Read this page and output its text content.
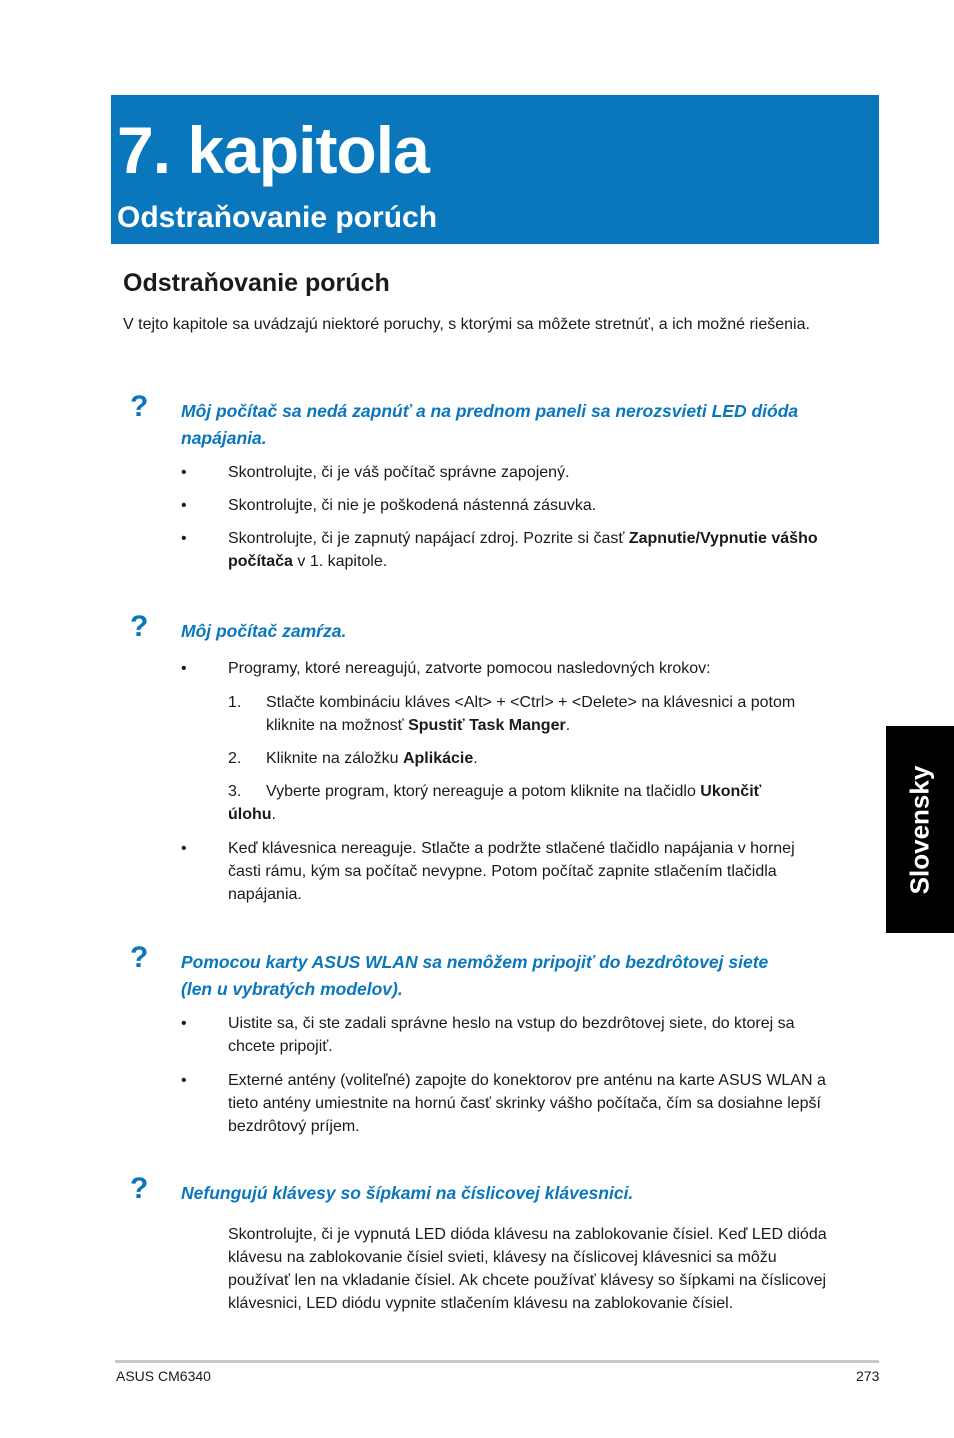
7. kapitola
Odstraňovanie porúch
Odstraňovanie porúch

V tejto kapitole sa uvádzajú niektoré poruchy, s ktorými sa môžete stretnúť, a ich možné riešenia.

? Môj počítač sa nedá zapnúť a na prednom paneli sa nerozsvieti LED dióda napájania.

•	Skontrolujte, či je váš počítač správne zapojený.
•	Skontrolujte, či nie je poškodená nástenná zásuvka.
•	Skontrolujte, či je zapnutý napájací zdroj. Pozrite si časť Zapnutie/Vypnutie vášho počítača v 1. kapitole.
? Môj počítač zamŕza.

•	Programy, ktoré nereagujú, zatvorte pomocou nasledovných krokov:
1. Stlačte kombináciu kláves <Alt> + <Ctrl> + <Delete> na klávesnici a potom kliknite na možnosť Spustiť Task Manger.
2. Kliknite na záložku Aplikácie.
3. Vyberte program, ktorý nereaguje a potom kliknite na tlačidlo Ukončiť
úlohu.
•	Keď klávesnica nereaguje. Stlačte a podržte stlačené tlačidlo napájania v hornej časti rámu, kým sa počítač nevypne. Potom počítač zapnite stlačením tlačidla napájania.
? Pomocou karty ASUS WLAN sa nemôžem pripojiť do bezdrôtovej siete (len u vybratých modelov).

•	Uistite sa, či ste zadali správne heslo na vstup do bezdrôtovej siete, do ktorej sa chcete pripojiť.
•	Externé antény (voliteľné) zapojte do konektorov pre anténu na karte ASUS WLAN a tieto antény umiestnite na hornú časť skrinky vášho počítača, čím sa dosiahne lepší bezdrôtový príjem.
? Nefungujú klávesy so šípkami na číslicovej klávesnici.

Skontrolujte, či je vypnutá LED dióda klávesu na zablokovanie čísiel. Keď LED dióda klávesu na zablokovanie čísiel svieti, klávesy na číslicovej klávesnici sa môžu používať len na vkladanie čísiel. Ak chcete používať klávesy so šípkami na číslicovej klávesnici, LED diódu vypnite stlačením klávesu na zablokovanie čísiel.
Slovensky
ASUS CM6340	273
